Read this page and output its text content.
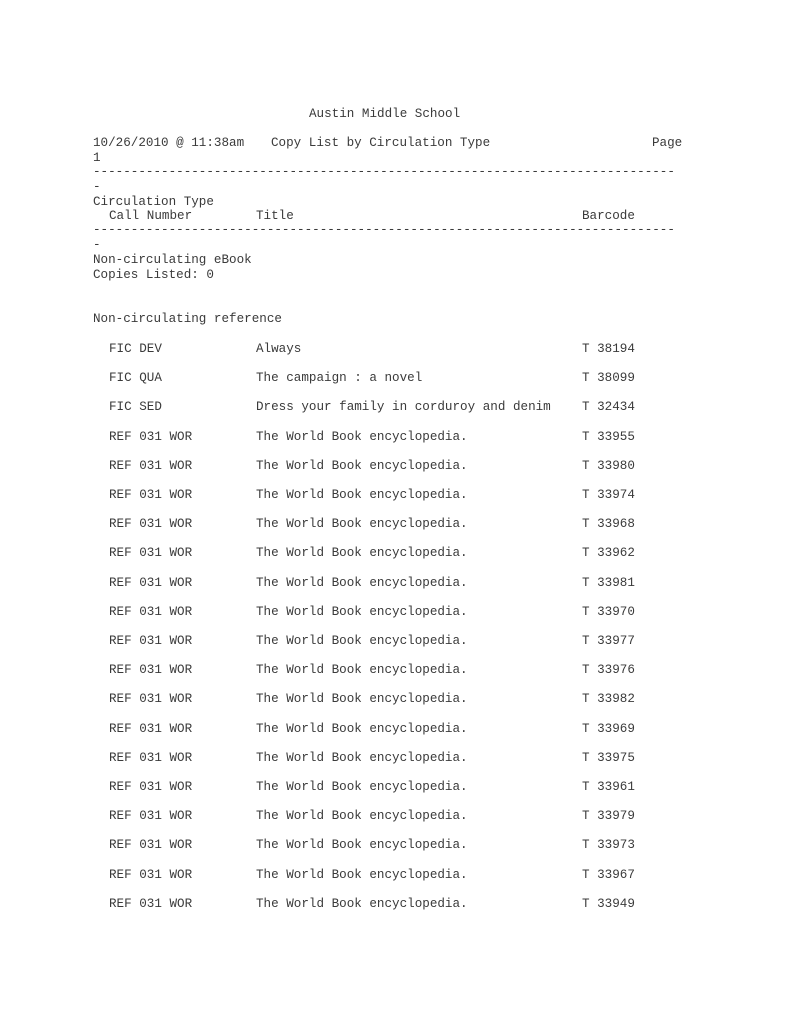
Austin Middle School
10/26/2010 @ 11:38am Copy List by Circulation Type	Page
1
-----------------------------------------------------------------------------
-
Circulation Type
Call Number	Title	Barcode
-----------------------------------------------------------------------------
-
Non-circulating eBook
Copies Listed: 0
Non-circulating reference
FIC DEV	Always	T 38194
FIC QUA	The campaign : a novel	T 38099
FIC SED	Dress your family in corduroy and denim T 32434
REF 031 WOR	The World Book encyclopedia.	T 33955
REF 031 WOR	The World Book encyclopedia.	T 33980
REF 031 WOR	The World Book encyclopedia.	T 33974
REF 031 WOR	The World Book encyclopedia.	T 33968
REF 031 WOR	The World Book encyclopedia.	T 33962
REF 031 WOR	The World Book encyclopedia.	T 33981
REF 031 WOR	The World Book encyclopedia.	T 33970
REF 031 WOR	The World Book encyclopedia.	T 33977
REF 031 WOR	The World Book encyclopedia.	T 33976
REF 031 WOR	The World Book encyclopedia.	T 33982
REF 031 WOR	The World Book encyclopedia.	T 33969
REF 031 WOR	The World Book encyclopedia.	T 33975
REF 031 WOR	The World Book encyclopedia.	T 33961
REF 031 WOR	The World Book encyclopedia.	T 33979
REF 031 WOR	The World Book encyclopedia.	T 33973
REF 031 WOR	The World Book encyclopedia.	T 33967
REF 031 WOR	The World Book encyclopedia.	T 33949
